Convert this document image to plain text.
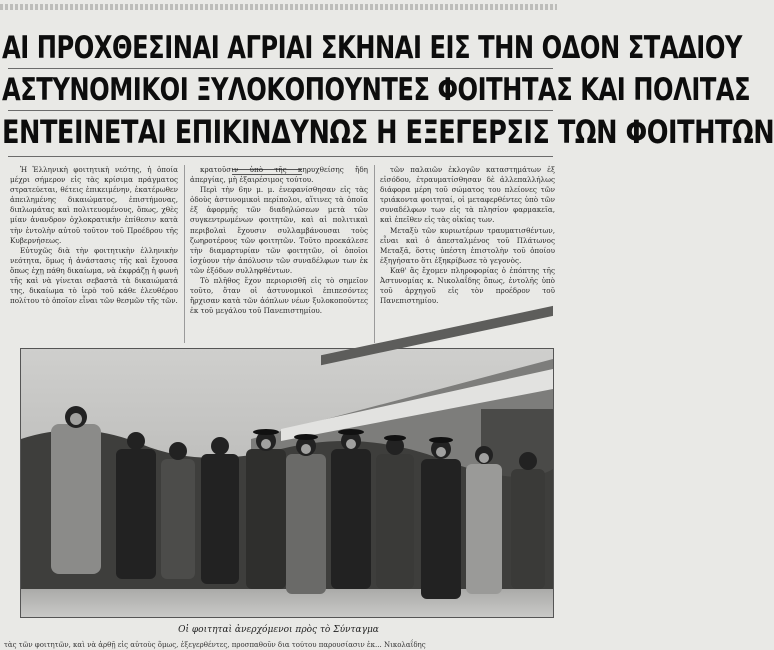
ΑΙ ΠΡΟΧΘΕΣΙΝΑΙ ΑΓΡΙΑΙ ΣΚΗΝΑΙ ΕΙΣ ΤΗΝ ΟΔΟΝ ΣΤΑΔΙΟΥ
ΑΣΤΥΝΟΜΙΚΟΙ ΞΥΛΟΚΟΠΟΥΝΤΕΣ ΦΟΙΤΗΤΑΣ ΚΑΙ ΠΟΛΙΤΑΣ
ΕΝΤΕΙΝΕΤΑΙ ΕΠΙΚΙΝΔΥΝΩΣ Η ΕΞΕΓΕΡΣΙΣ ΤΩΝ ΦΟΙΤΗΤΩΝ

Ἡ Ἑλληνικὴ φοιτητικὴ νεότης, ἡ ὁποία μέχρι σήμερον εἰς τὰς κρίσιμα πράγματος στρατεύεται, θέτεις ἐπικειμένην, ἐκατέρωθεν ἀπειλημένης δικαιώματος, ἐπιστήμονας, διπλωμάτας καὶ πολιτευομένους, ὅπως, χθὲς μίαν ἀνανδρον ὀχλοκρατικὴν ἐπίθεσιν κατὰ τὴν ἐντολὴν αὐτοῦ τοῦτον τοῦ Προέδρου τῆς Κυβερνήσεως.

Εὐτυχῶς διὰ τὴν φοιτητικὴν ἑλληνικὴν νεότητα, ὅμως ἡ ἀνάστασις τῆς καὶ ἔχουσα ὅπως ἐχῃ πάθη δικαίωμα, νὰ ἐκφράζῃ ἡ φωνὴ τῆς καὶ νὰ γίνεται σεβαστὰ τὰ δικαιώματά της, δικαίωμα τὸ ἱερὸ τοῦ κάθε ἐλευθέρου πολίτου τὸ ὁποῖον εἶναι τῶν θεσμῶν τῆς τῶν.

κρατοῦσιν ὑπὸ τῆς κηρυχθείσης ἤδη ἀπεργίας, μὴ ἐξαιρέσιμος τούτου.

Περὶ τὴν 6ην μ. μ. ἐνεφανίσθησαν εἰς τὰς ὁδοὺς ἀστυνομικοὶ περίπολοι, αἵτινες τὰ ὁποῖα ἐξ ἀφορμῆς τῶν διαδηλώσεων μετὰ τῶν συγκεντρωμένων φοιτητῶν, καὶ αἱ πολιτικαὶ περιβολαὶ ἔχουσιν συλλαμβάνουσαι τοὺς ζωηροτέρους τῶν φοιτητῶν. Τοῦτο προεκάλεσε τὴν διαμαρτυρίαν τῶν φοιτητῶν, οἱ ὁποῖοι ἰσχύουν τὴν ἀπόλυσιν τῶν συναδέλφων των ἐκ τῶν ἐξόδων συλληφθέντων.

Τὸ πλῆθος ἔχον περιορισθῆ εἰς τὸ σημεῖον τοῦτο, ὅταν οἱ ἀστυνομικοὶ ἐπιπεσόντες ἤρχισαν κατὰ τῶν ἀόπλων νέων ξυλοκοποῦντες ἐκ τοῦ μεγάλου τοῦ Πανεπιστημίου.

τῶν παλαιῶν ἐκλογῶν καταστημάτων ἐξ εἰσόδου, ἐτραυματίσθησαν δὲ ἀλλεπαλλήλως διάφορα μέρη τοῦ σώματος του πλείονες τῶν τριάκοντα φοιτηταί, οἱ μεταφερθέντες ὑπὸ τῶν συναδέλφων των εἰς τὰ πλησίον φαρμακεῖα, καὶ ἐπεῖθεν εἰς τὰς οἰκίας των.

Μεταξὺ τῶν κυριωτέρων τραυματισθέντων, εἶναι καὶ ὁ ἀπεσταλμένος τοῦ Πλάτωνος Μεταξᾶ, ὅστις ὑπέστη ἐπιστολὴν τοῦ ὁποίου ἐξηγήσατο ὅτι ἐξηκρίβωσε τὸ γεγονὸς.

Καθ' ἃς ἔχομεν πληροφορίας ὁ ἐπόπτης τῆς Ἀστυνομίας κ. Νικολαΐδης ὅπως, ἐντολῆς ὑπὸ τοῦ ἀρχηγοῦ εἰς τὸν προέδρον τοῦ Πανεπιστημίου.

Οἱ φοιτηταὶ ἀνερχόμενοι πρὸς τὸ Σύνταγμα
τὰς τῶν φοιτητῶν, καὶ νὰ ἀρθῇ εἰς αὐτοὺς ὅμως, ἐξεγερθέντες, προσπαθοῦν δια τούτου παρουσίασιν ἐκ... Νικολαΐδης
